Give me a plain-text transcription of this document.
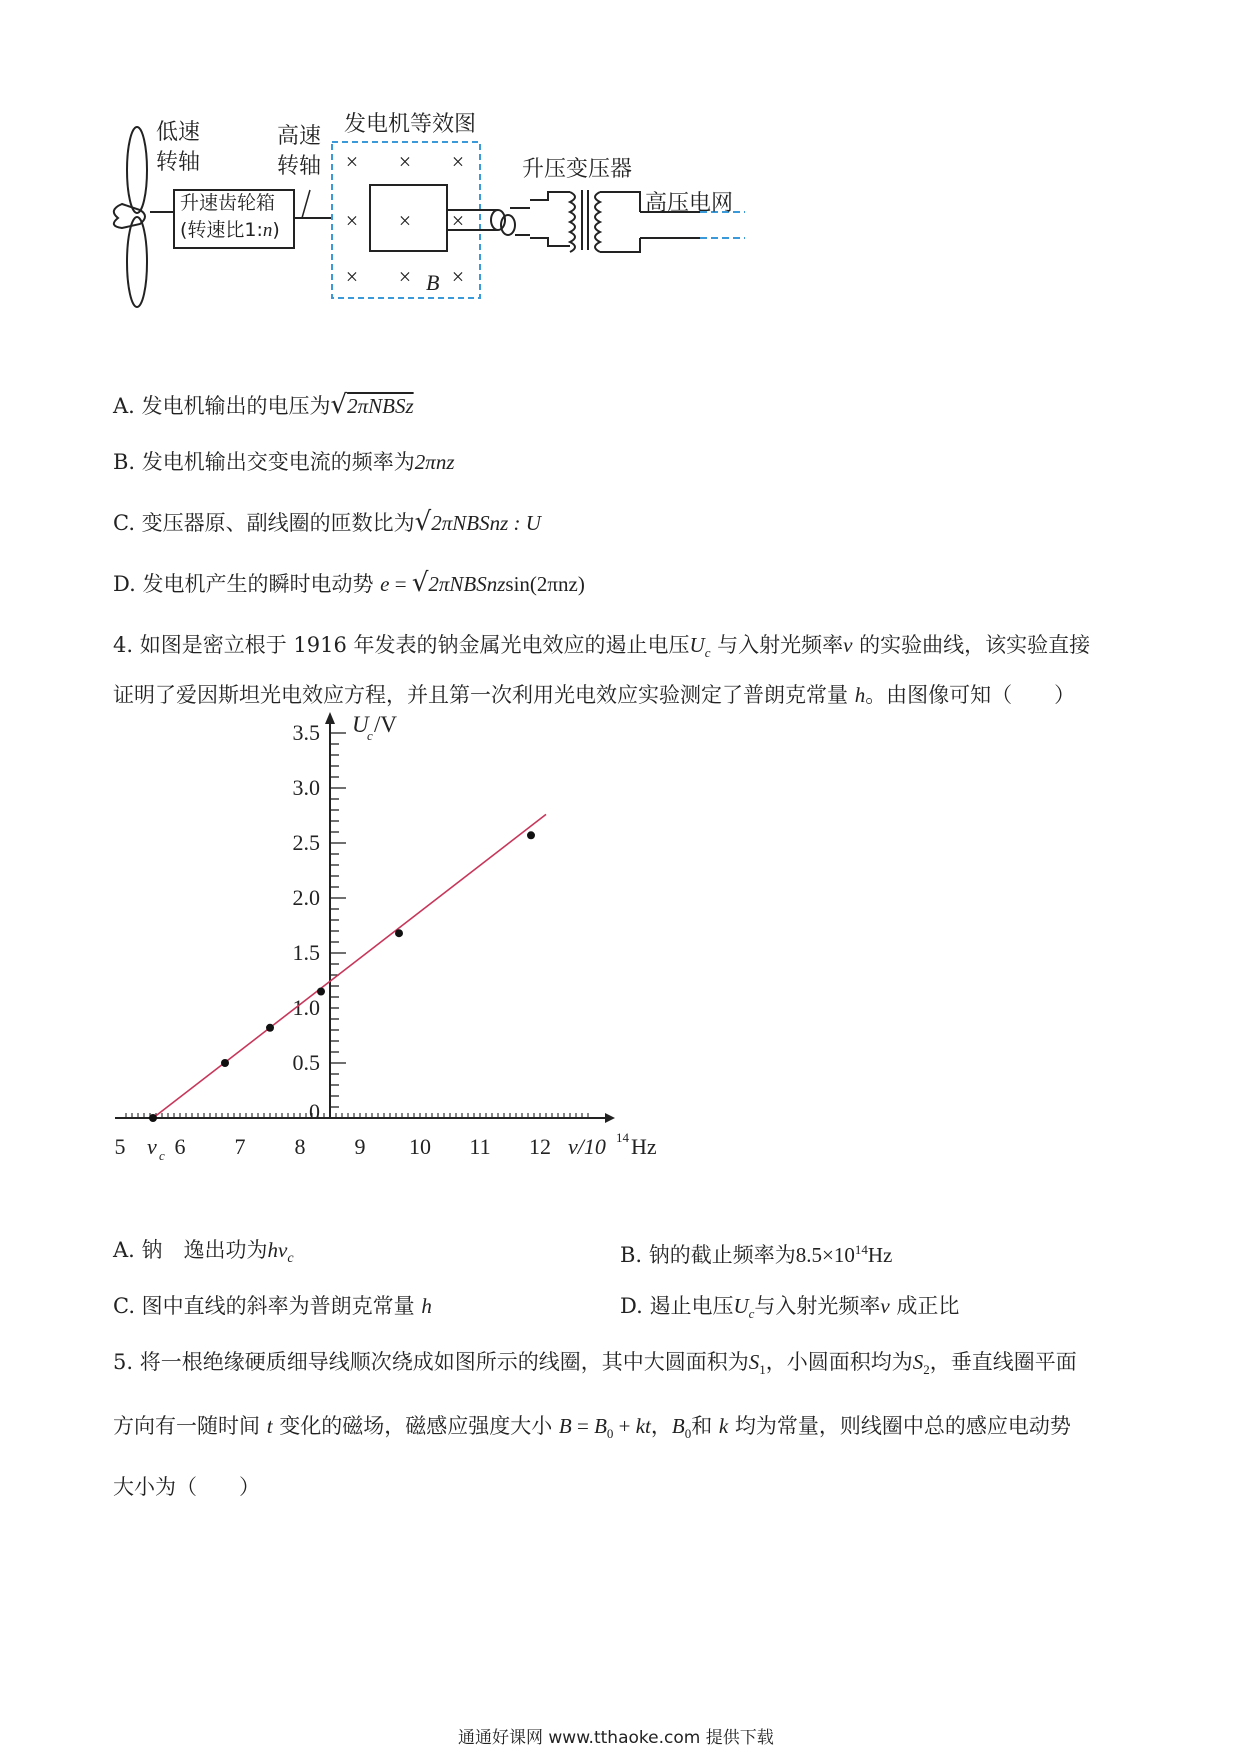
× × ×
× × ×
× × ×
B
低速
转轴
升速齿轮箱
(转速比1:n)
高速
转轴
发电机等效图
升压变压器
高压电网
A. 发电机输出的电压为√2πNBSz
B. 发电机输出交变电流的频率为2πnz
C. 变压器原、副线圈的匝数比为√2πNBSnz : U
D. 发电机产生的瞬时电动势 e = √2πNBSnzsin(2πnz)
4. 如图是密立根于 1916 年发表的钠金属光电效应的遏止电压$U_c$ 与入射光频率ν 的实验曲线，该实验直接
证明了爱因斯坦光电效应方程，并且第一次利用光电效应实验测定了普朗克常量 h。由图像可知（　　）
0
0.5
1.0
1.5
2.0
2.5
3.0
3.5
5 6 7 8 9 10 11 12
ν c
U
c /V
ν/10 14 Hz
A. 钠　逸出功为$h\nu_c$	B. 钠的截止频率为$8.5\times 10^{14}Hz$
C. 图中直线的斜率为普朗克常量 h	D. 遏止电压$U_c$与入射光频率ν 成正比
5. 将一根绝缘硬质细导线顺次绕成如图所示的线圈，其中大圆面积为$S_1$，小圆面积均为$S_2$，垂直线圈平面
方向有一随时间 t 变化的磁场，磁感应强度大小 $B = B_0$ + kt，$B_0$和 k 均为常量，则线圈中总的感应电动势
大小为（　　）
通通好课网 www.tthaoke.com 提供下载
